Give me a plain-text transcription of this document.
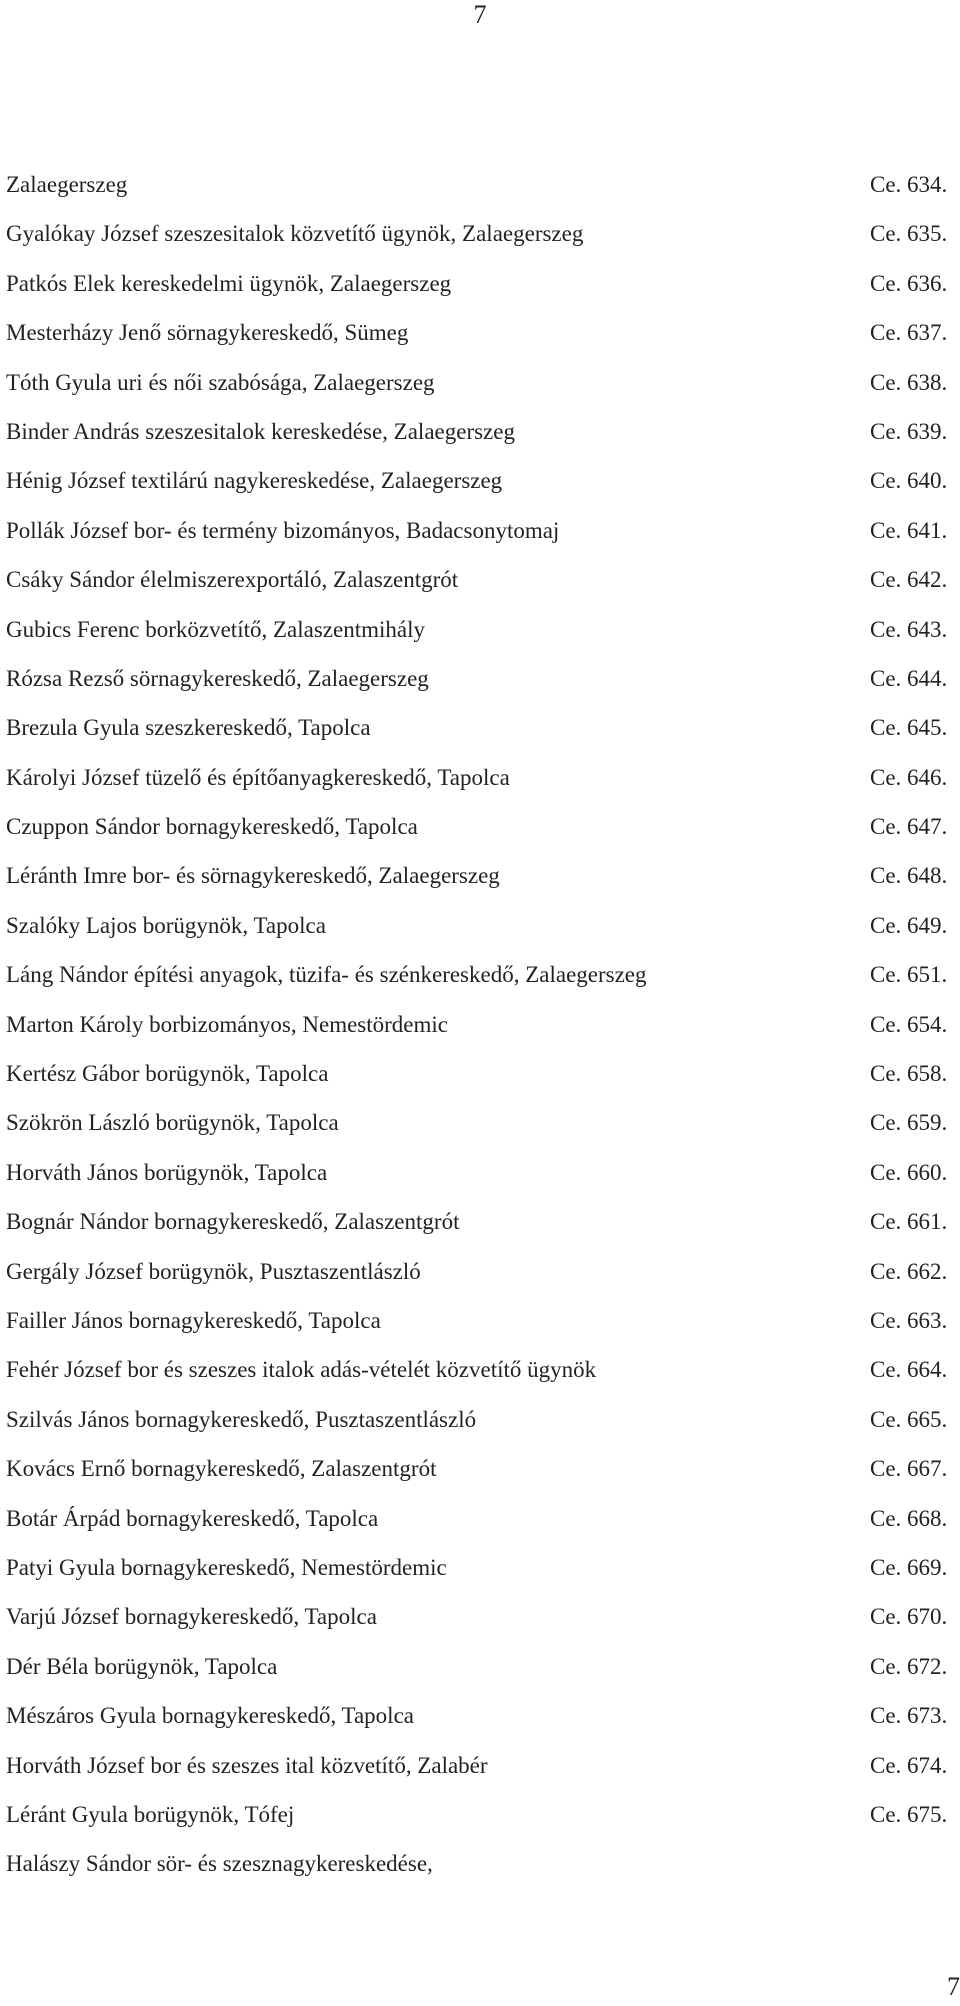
7
Zalaegerszeg	Ce. 634.
Gyalókay József szeszesitalok közvetítő ügynök, Zalaegerszeg	Ce. 635.
Patkós Elek kereskedelmi ügynök, Zalaegerszeg	Ce. 636.
Mesterházy Jenő sörnagykereskedő, Sümeg	Ce. 637.
Tóth Gyula uri és női szabósága, Zalaegerszeg	Ce. 638.
Binder András szeszesitalok kereskedése, Zalaegerszeg	Ce. 639.
Hénig József textilárú nagykereskedése, Zalaegerszeg	Ce. 640.
Pollák József bor- és termény bizományos, Badacsonytomaj	Ce. 641.
Csáky Sándor élelmiszerexportáló, Zalaszentgrót	Ce. 642.
Gubics Ferenc borközvetítő, Zalaszentmihály	Ce. 643.
Rózsa Rezső sörnagykereskedő, Zalaegerszeg	Ce. 644.
Brezula Gyula szeszkereskedő, Tapolca	Ce. 645.
Károlyi József tüzelő és építőanyagkereskedő, Tapolca	Ce. 646.
Czuppon Sándor bornagykereskedő, Tapolca	Ce. 647.
Léránth Imre bor- és sörnagykereskedő, Zalaegerszeg	Ce. 648.
Szalóky Lajos borügynök, Tapolca	Ce. 649.
Láng Nándor építési anyagok, tüzifa- és szénkereskedő, Zalaegerszeg	Ce. 651.
Marton Károly borbizományos, Nemestördemic	Ce. 654.
Kertész Gábor borügynök, Tapolca	Ce. 658.
Szökrön László borügynök, Tapolca	Ce. 659.
Horváth János borügynök, Tapolca	Ce. 660.
Bognár Nándor bornagykereskedő, Zalaszentgrót	Ce. 661.
Gergály József borügynök, Pusztaszentlászló	Ce. 662.
Failler János bornagykereskedő, Tapolca	Ce. 663.
Fehér József bor és szeszes italok adás-vételét közvetítő ügynök	Ce. 664.
Szilvás János bornagykereskedő, Pusztaszentlászló	Ce. 665.
Kovács Ernő bornagykereskedő, Zalaszentgrót	Ce. 667.
Botár Árpád bornagykereskedő, Tapolca	Ce. 668.
Patyi Gyula bornagykereskedő, Nemestördemic	Ce. 669.
Varjú József bornagykereskedő, Tapolca	Ce. 670.
Dér Béla borügynök, Tapolca	Ce. 672.
Mészáros Gyula bornagykereskedő, Tapolca	Ce. 673.
Horváth József bor és szeszes ital közvetítő, Zalabér	Ce. 674.
Léránt Gyula borügynök, Tófej	Ce. 675.
Halászy Sándor sör- és szesznagykereskedése,
7
